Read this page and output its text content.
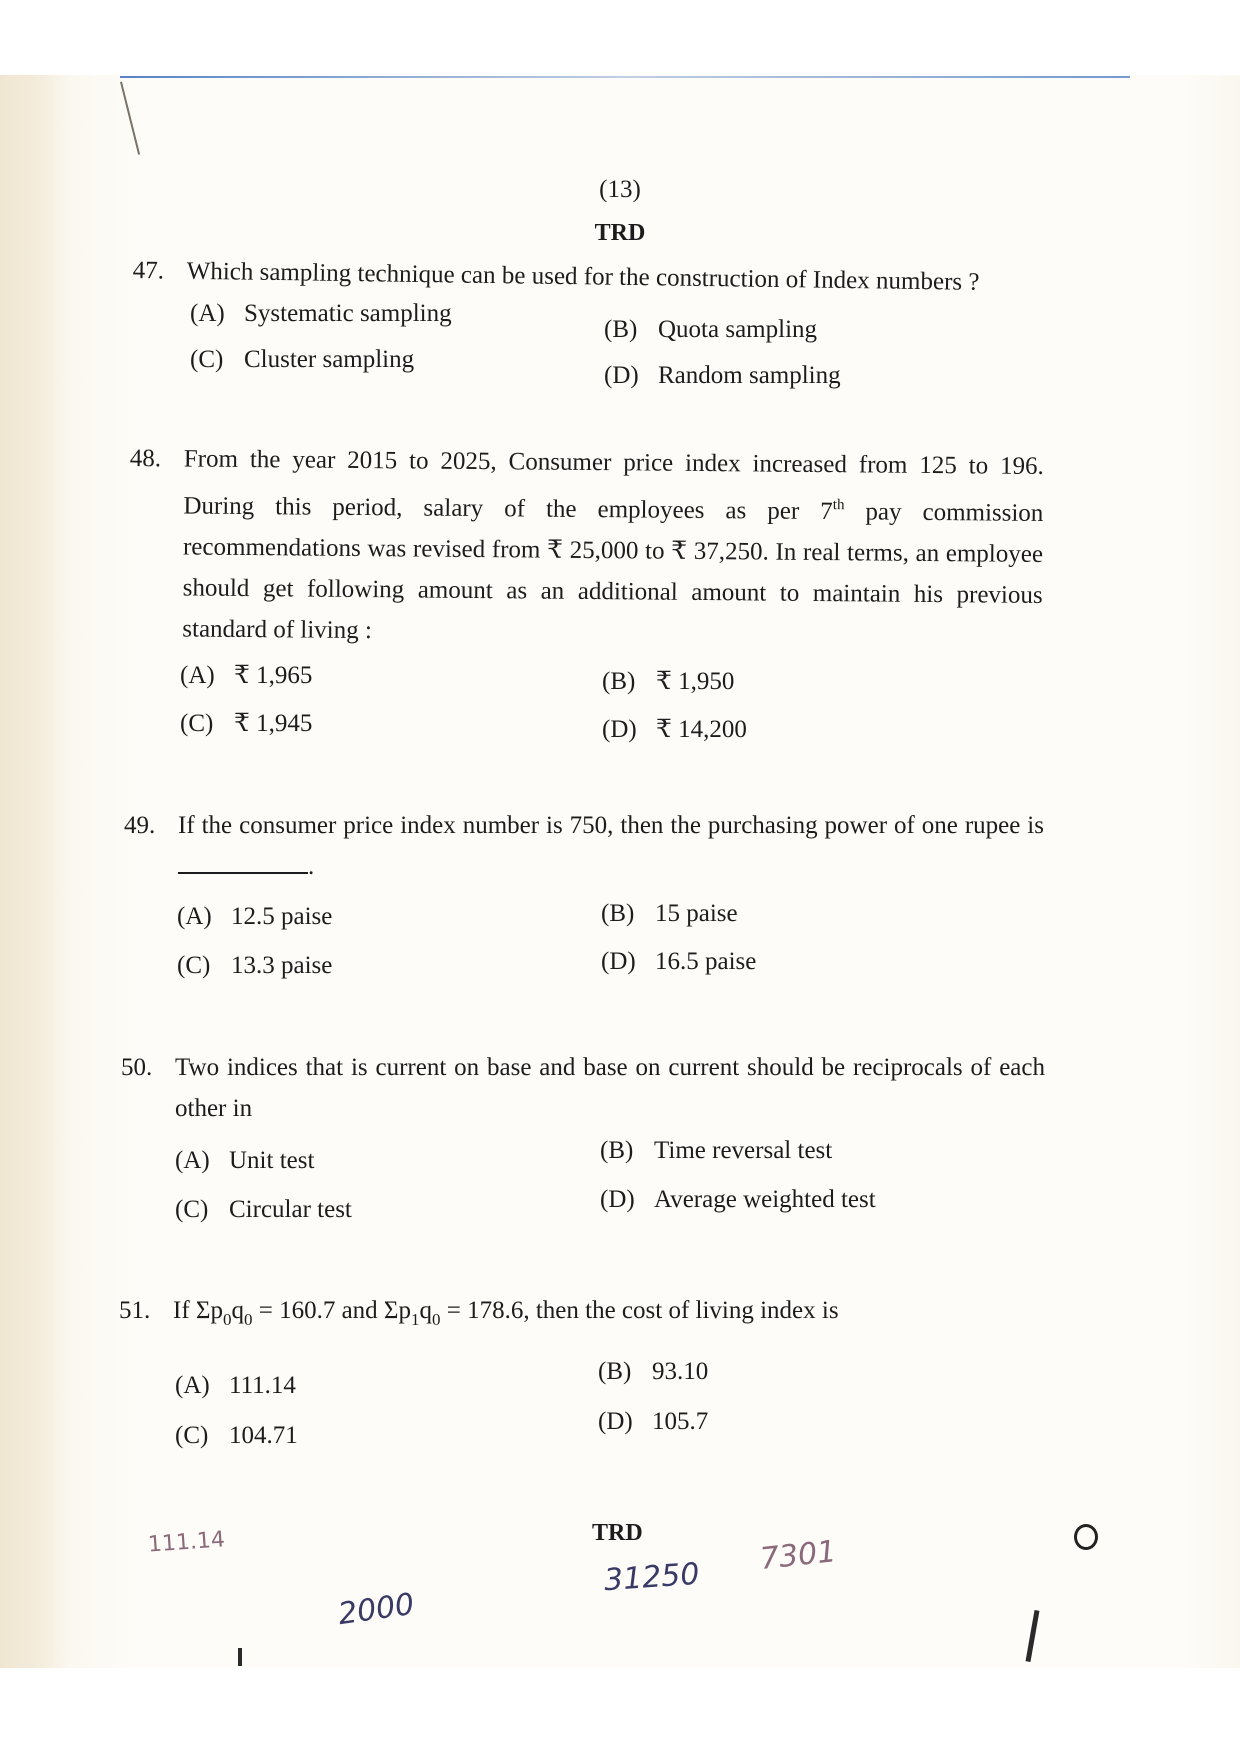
(13)
TRD
47. Which sampling technique can be used for the construction of Index numbers ?
(A) Systematic sampling
(B) Quota sampling
(C) Cluster sampling
(D) Random sampling
48. From the year 2015 to 2025, Consumer price index increased from 125 to 196. During this period, salary of the employees as per 7th pay commission recommendations was revised from ₹ 25,000 to ₹ 37,250. In real terms, an employee should get following amount as an additional amount to maintain his previous standard of living :
(A) ₹ 1,965	(B) ₹ 1,950
(C) ₹ 1,945	(D) ₹ 14,200
49. If the consumer price index number is 750, then the purchasing power of one rupee is .
(A) 12.5 paise	(B) 15 paise
(C) 13.3 paise	(D) 16.5 paise
50. Two indices that is current on base and base on current should be reciprocals of each other in
(A) Unit test	(B) Time reversal test
(C) Circular test	(D) Average weighted test
51. If $\Sigma p_0q_0 = 160.7$ and $\Sigma p_1q_0 = 178.6$, then the cost of living index is
(A) 111.14
(B) 93.10
(C) 104.71
(D) 105.7
TRD
111.14
2000
31250
7301
